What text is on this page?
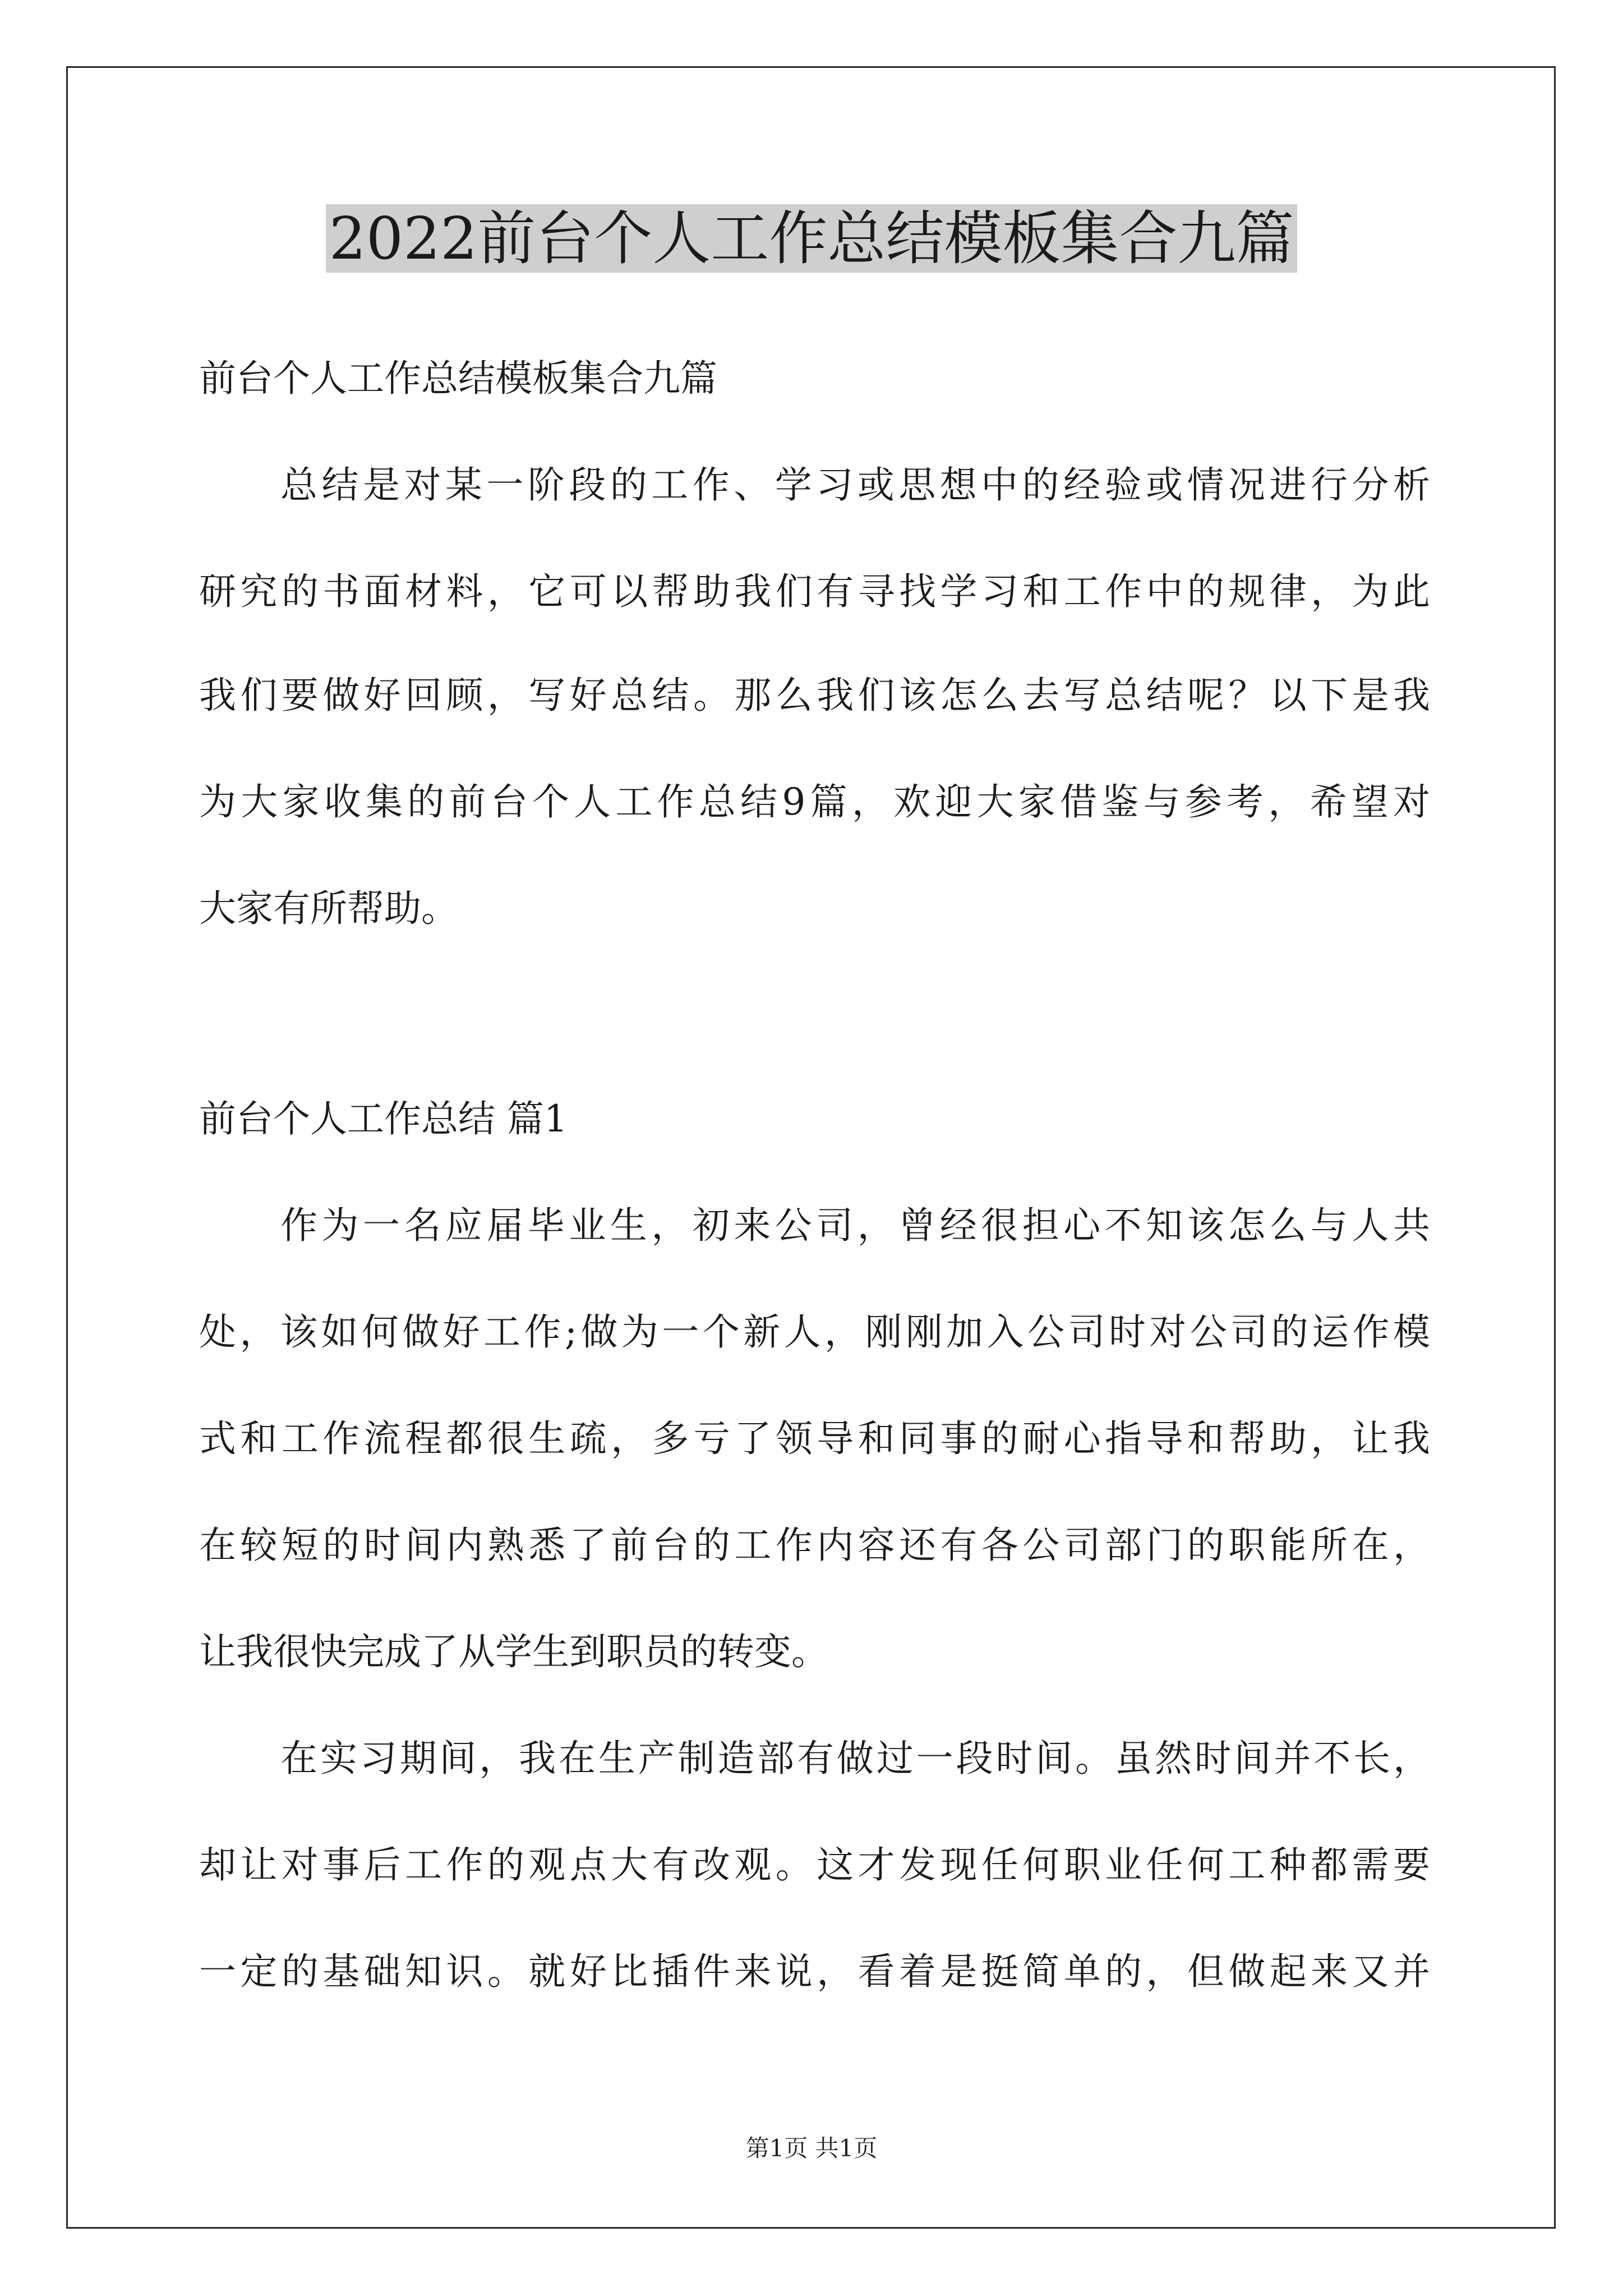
2022前台个人工作总结模板集合九篇
前台个人工作总结模板集合九篇
总结是对某一阶段的工作、学习或思想中的经验或情况进行分析
研究的书面材料，它可以帮助我们有寻找学习和工作中的规律，为此
我们要做好回顾，写好总结。那么我们该怎么去写总结呢？以下是我
为大家收集的前台个人工作总结9篇，欢迎大家借鉴与参考，希望对
大家有所帮助。
前台个人工作总结 篇1
作为一名应届毕业生，初来公司，曾经很担心不知该怎么与人共
处，该如何做好工作;做为一个新人，刚刚加入公司时对公司的运作模
式和工作流程都很生疏，多亏了领导和同事的耐心指导和帮助，让我
在较短的时间内熟悉了前台的工作内容还有各公司部门的职能所在，
让我很快完成了从学生到职员的转变。
在实习期间，我在生产制造部有做过一段时间。虽然时间并不长，
却让对事后工作的观点大有改观。这才发现任何职业任何工种都需要
一定的基础知识。就好比插件来说，看着是挺简单的，但做起来又并
第1页 共1页
